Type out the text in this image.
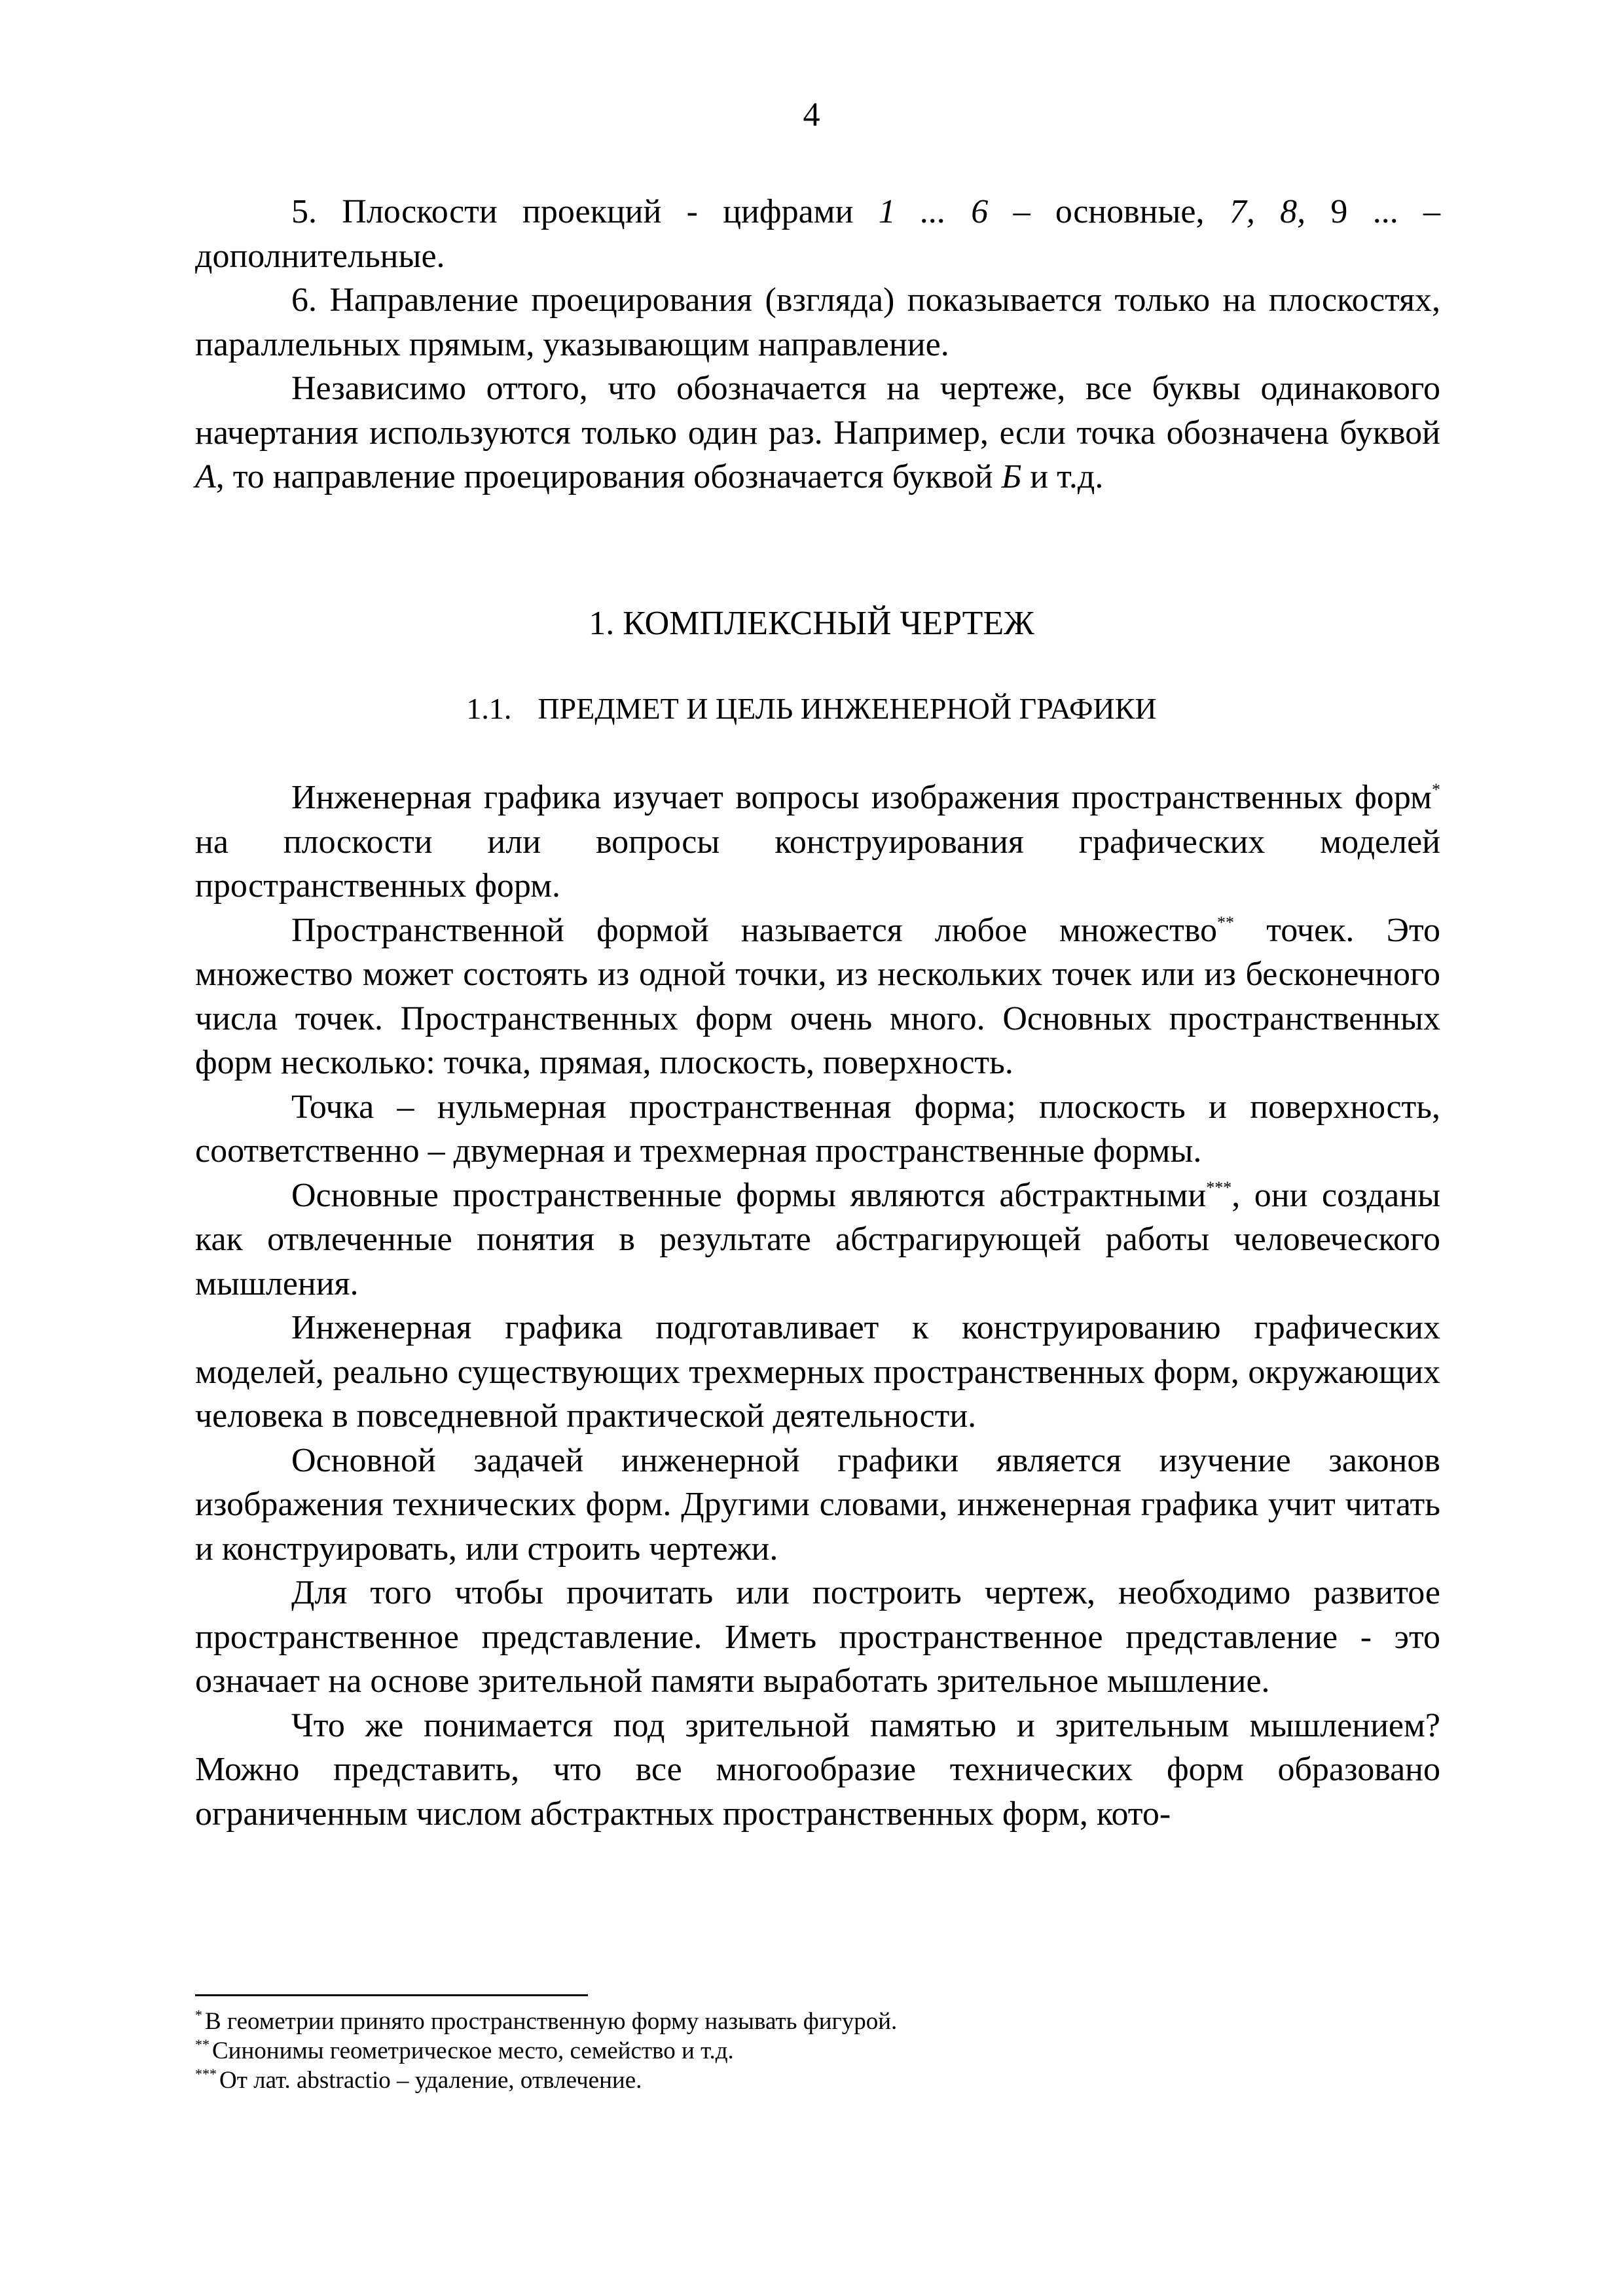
4

5. Плоскости проекций - цифрами 1 ... 6 – основные, 7, 8, 9 ... – дополнительные.

6. Направление проецирования (взгляда) показывается только на плоскостях, параллельных прямым, указывающим направление.

Независимо оттого, что обозначается на чертеже, все буквы одинакового начертания используются только один раз. Например, если точка обозначена буквой А, то направление проецирования обозначается буквой Б и т.д.

1. КОМПЛЕКСНЫЙ ЧЕРТЕЖ
1.1. ПРЕДМЕТ И ЦЕЛЬ ИНЖЕНЕРНОЙ ГРАФИКИ

Инженерная графика изучает вопросы изображения пространственных форм* на плоскости или вопросы конструирования графических моделей пространственных форм.

Пространственной формой называется любое множество** точек. Это множество может состоять из одной точки, из нескольких точек или из бесконечного числа точек. Пространственных форм очень много. Основных пространственных форм несколько: точка, прямая, плоскость, поверхность.

Точка – нульмерная пространственная форма; плоскость и поверхность, соответственно – двумерная и трехмерная пространственные формы.

Основные пространственные формы являются абстрактными***, они созданы как отвлеченные понятия в результате абстрагирующей работы человеческого мышления.

Инженерная графика подготавливает к конструированию графических моделей, реально существующих трехмерных пространственных форм, окружающих человека в повседневной практической деятельности.

Основной задачей инженерной графики является изучение законов изображения технических форм. Другими словами, инженерная графика учит читать и конструировать, или строить чертежи.

Для того чтобы прочитать или построить чертеж, необходимо развитое пространственное представление. Иметь пространственное представление - это означает на основе зрительной памяти выработать зрительное мышление.

Что же понимается под зрительной памятью и зрительным мышлением? Можно представить, что все многообразие технических форм образовано ограниченным числом абстрактных пространственных форм, кото-

* В геометрии принято пространственную форму называть фигурой.

** Синонимы геометрическое место, семейство и т.д.

*** От лат. abstractio – удаление, отвлечение.
